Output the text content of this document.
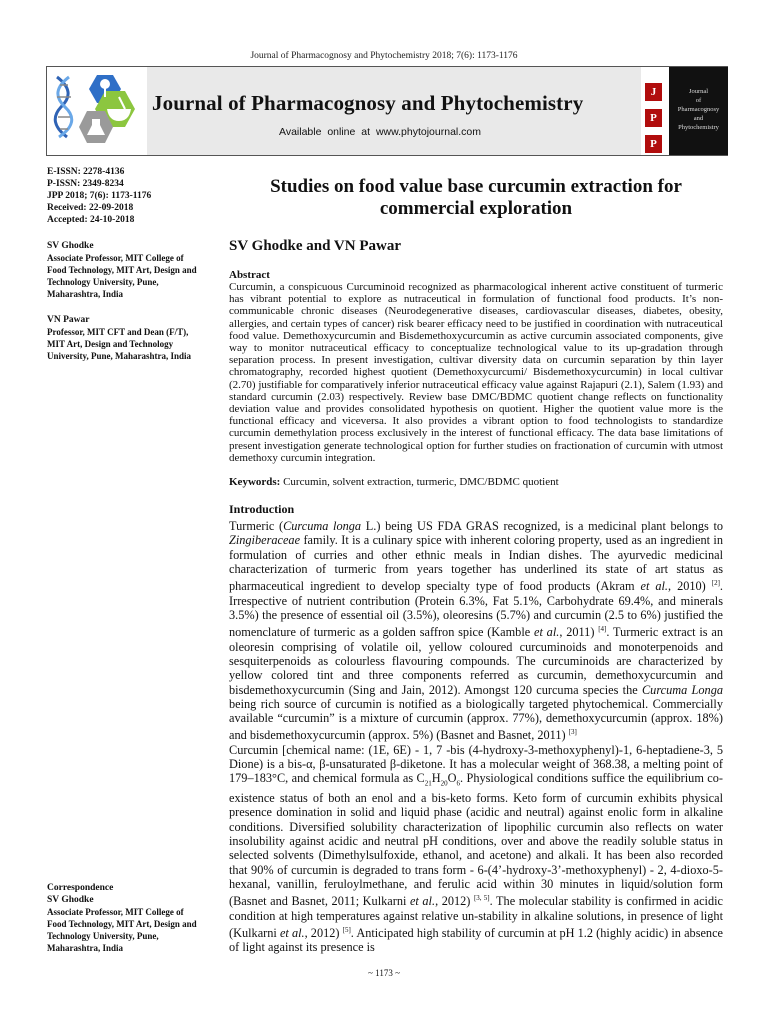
Journal of Pharmacognosy and Phytochemistry 2018; 7(6): 1173-1176
Journal of Pharmacognosy and Phytochemistry
Available online at www.phytojournal.com
J
P
P
Journal
of
Pharmacognosy
and
Phytochemistry
E-ISSN: 2278-4136
P-ISSN: 2349-8234
JPP 2018; 7(6): 1173-1176
Received: 22-09-2018
Accepted: 24-10-2018
SV Ghodke
Associate Professor, MIT College of Food Technology, MIT Art, Design and Technology University, Pune, Maharashtra, India
VN Pawar
Professor, MIT CFT and Dean (F/T), MIT Art, Design and Technology University, Pune, Maharashtra, India
Correspondence
SV Ghodke
Associate Professor, MIT College of Food Technology, MIT Art, Design and Technology University, Pune, Maharashtra, India
Studies on food value base curcumin extraction for commercial exploration
SV Ghodke and VN Pawar
Abstract

Curcumin, a conspicuous Curcuminoid recognized as pharmacological inherent active constituent of turmeric has vibrant potential to explore as nutraceutical in formulation of functional food products. It’s non-communicable chronic diseases (Neurodegenerative diseases, cardiovascular diseases, diabetes, obesity, allergies, and certain types of cancer) risk bearer efficacy need to be justified in coordination with nutraceutical food value. Demethoxycurcumin and Bisdemethoxycurcumin as active curcumin associated components, give way to monitor nutraceutical efficacy to conceptualize technological value to its up-gradation through separation process. In present investigation, cultivar diversity data on curcumin separation by thin layer chromatography, recorded highest quotient (Demethoxycurcumi/ Bisdemethoxycurcumin) in local cultivar (2.70) justifiable for comparatively inferior nutraceutical efficacy value against Rajapuri (2.1), Salem (1.93) and standard curcumin (2.03) respectively. Review base DMC/BDMC quotient change reflects on functionality deviation value and provides consolidated hypothesis on quotient. Higher the quotient value more is the functional efficacy and viceversa. It also provides a vibrant option to food technologists to standardize curcumin demethylation process exclusively in the interest of functional efficacy. The data base limitations of present investigation generate technological option for further studies on fractionation of curcumin with utmost demethoxy curcumin integration.

Keywords: Curcumin, solvent extraction, turmeric, DMC/BDMC quotient
Introduction

Turmeric (Curcuma longa L.) being US FDA GRAS recognized, is a medicinal plant belongs to Zingiberaceae family. It is a culinary spice with inherent coloring property, used as an ingredient in formulation of curries and other ethnic meals in Indian dishes. The ayurvedic medicinal characterization of turmeric from years together has underlined its state of art status as pharmaceutical ingredient to develop specialty type of food products (Akram et al., 2010) [2]. Irrespective of nutrient contribution (Protein 6.3%, Fat 5.1%, Carbohydrate 69.4%, and minerals 3.5%) the presence of essential oil (3.5%), oleoresins (5.7%) and curcumin (2.5 to 6%) justified the nomenclature of turmeric as a golden saffron spice (Kamble et al., 2011) [4]. Turmeric extract is an oleoresin comprising of volatile oil, yellow coloured curcuminoids and monoterpenoids and sesquiterpenoids as colourless flavouring compounds. The curcuminoids are characterized by yellow colored tint and three components referred as curcumin, demethoxycurcumin and bisdemethoxycurcumin (Sing and Jain, 2012). Amongst 120 curcuma species the Curcuma Longa being rich source of curcumin is notified as a biologically targeted phytochemical. Commercially available “curcumin” is a mixture of curcumin (approx. 77%), demethoxycurcumin (approx. 18%) and bisdemethoxycurcumin (approx. 5%) (Basnet and Basnet, 2011) [3]

Curcumin [chemical name: (1E, 6E) - 1, 7 -bis (4-hydroxy-3-methoxyphenyl)-1, 6-heptadiene-3, 5 Dione) is a bis-α, β-unsaturated β-diketone. It has a molecular weight of 368.38, a melting point of 179–183°C, and chemical formula as $C_{21}H_{20}O_6$. Physiological conditions suffice the equilibrium co-existence status of both an enol and a bis-keto forms. Keto form of curcumin exhibits physical presence domination in solid and liquid phase (acidic and neutral) against enolic form in alkaline conditions. Diversified solubility characterization of lipophilic curcumin also reflects on water insolubility against acidic and neutral pH conditions, over and above the readily soluble status in selected solvents (Dimethylsulfoxide, ethanol, and acetone) and alkali. It has been also recorded that 90% of curcumin is degraded to trans form - 6-(4’-hydroxy-3’-methoxyphenyl) - 2, 4-dioxo-5-hexanal, vanillin, feruloylmethane, and ferulic acid within 30 minutes in liquid/solution form (Basnet and Basnet, 2011; Kulkarni et al., 2012) [3, 5]. The molecular stability is confirmed in acidic condition at high temperatures against relative un-stability in alkaline solutions, in presence of light (Kulkarni et al., 2012) [5]. Anticipated high stability of curcumin at pH 1.2 (highly acidic) in absence of light against its presence is

~ 1173 ~
